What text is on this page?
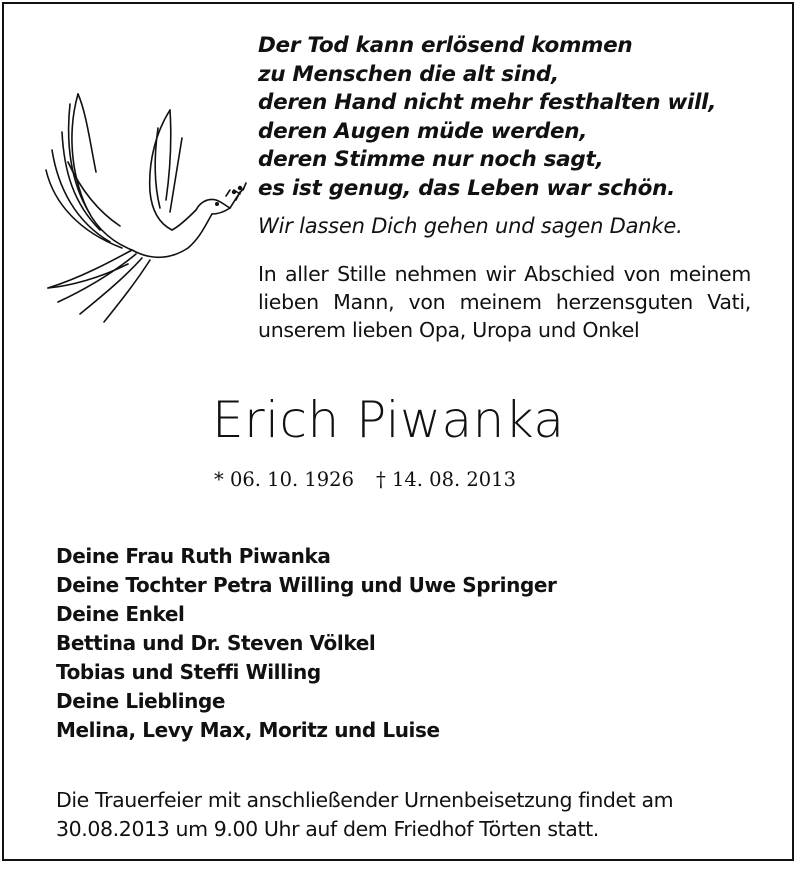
Der Tod kann erlösend kommen
zu Menschen die alt sind,
deren Hand nicht mehr festhalten will,
deren Augen müde werden,
deren Stimme nur noch sagt,
es ist genug, das Leben war schön.
Wir lassen Dich gehen und sagen Danke.
In aller Stille nehmen wir Abschied von meinem lieben Mann, von meinem herzensguten Vati, unserem lieben Opa, Uropa und Onkel
Erich Piwanka
* 06. 10. 1926 † 14. 08. 2013
Deine Frau Ruth Piwanka
Deine Tochter Petra Willing und Uwe Springer
Deine Enkel
Bettina und Dr. Steven Völkel
Tobias und Steffi Willing
Deine Lieblinge
Melina, Levy Max, Moritz und Luise
Die Trauerfeier mit anschließender Urnenbeisetzung findet am
30.08.2013 um 9.00 Uhr auf dem Friedhof Törten statt.
